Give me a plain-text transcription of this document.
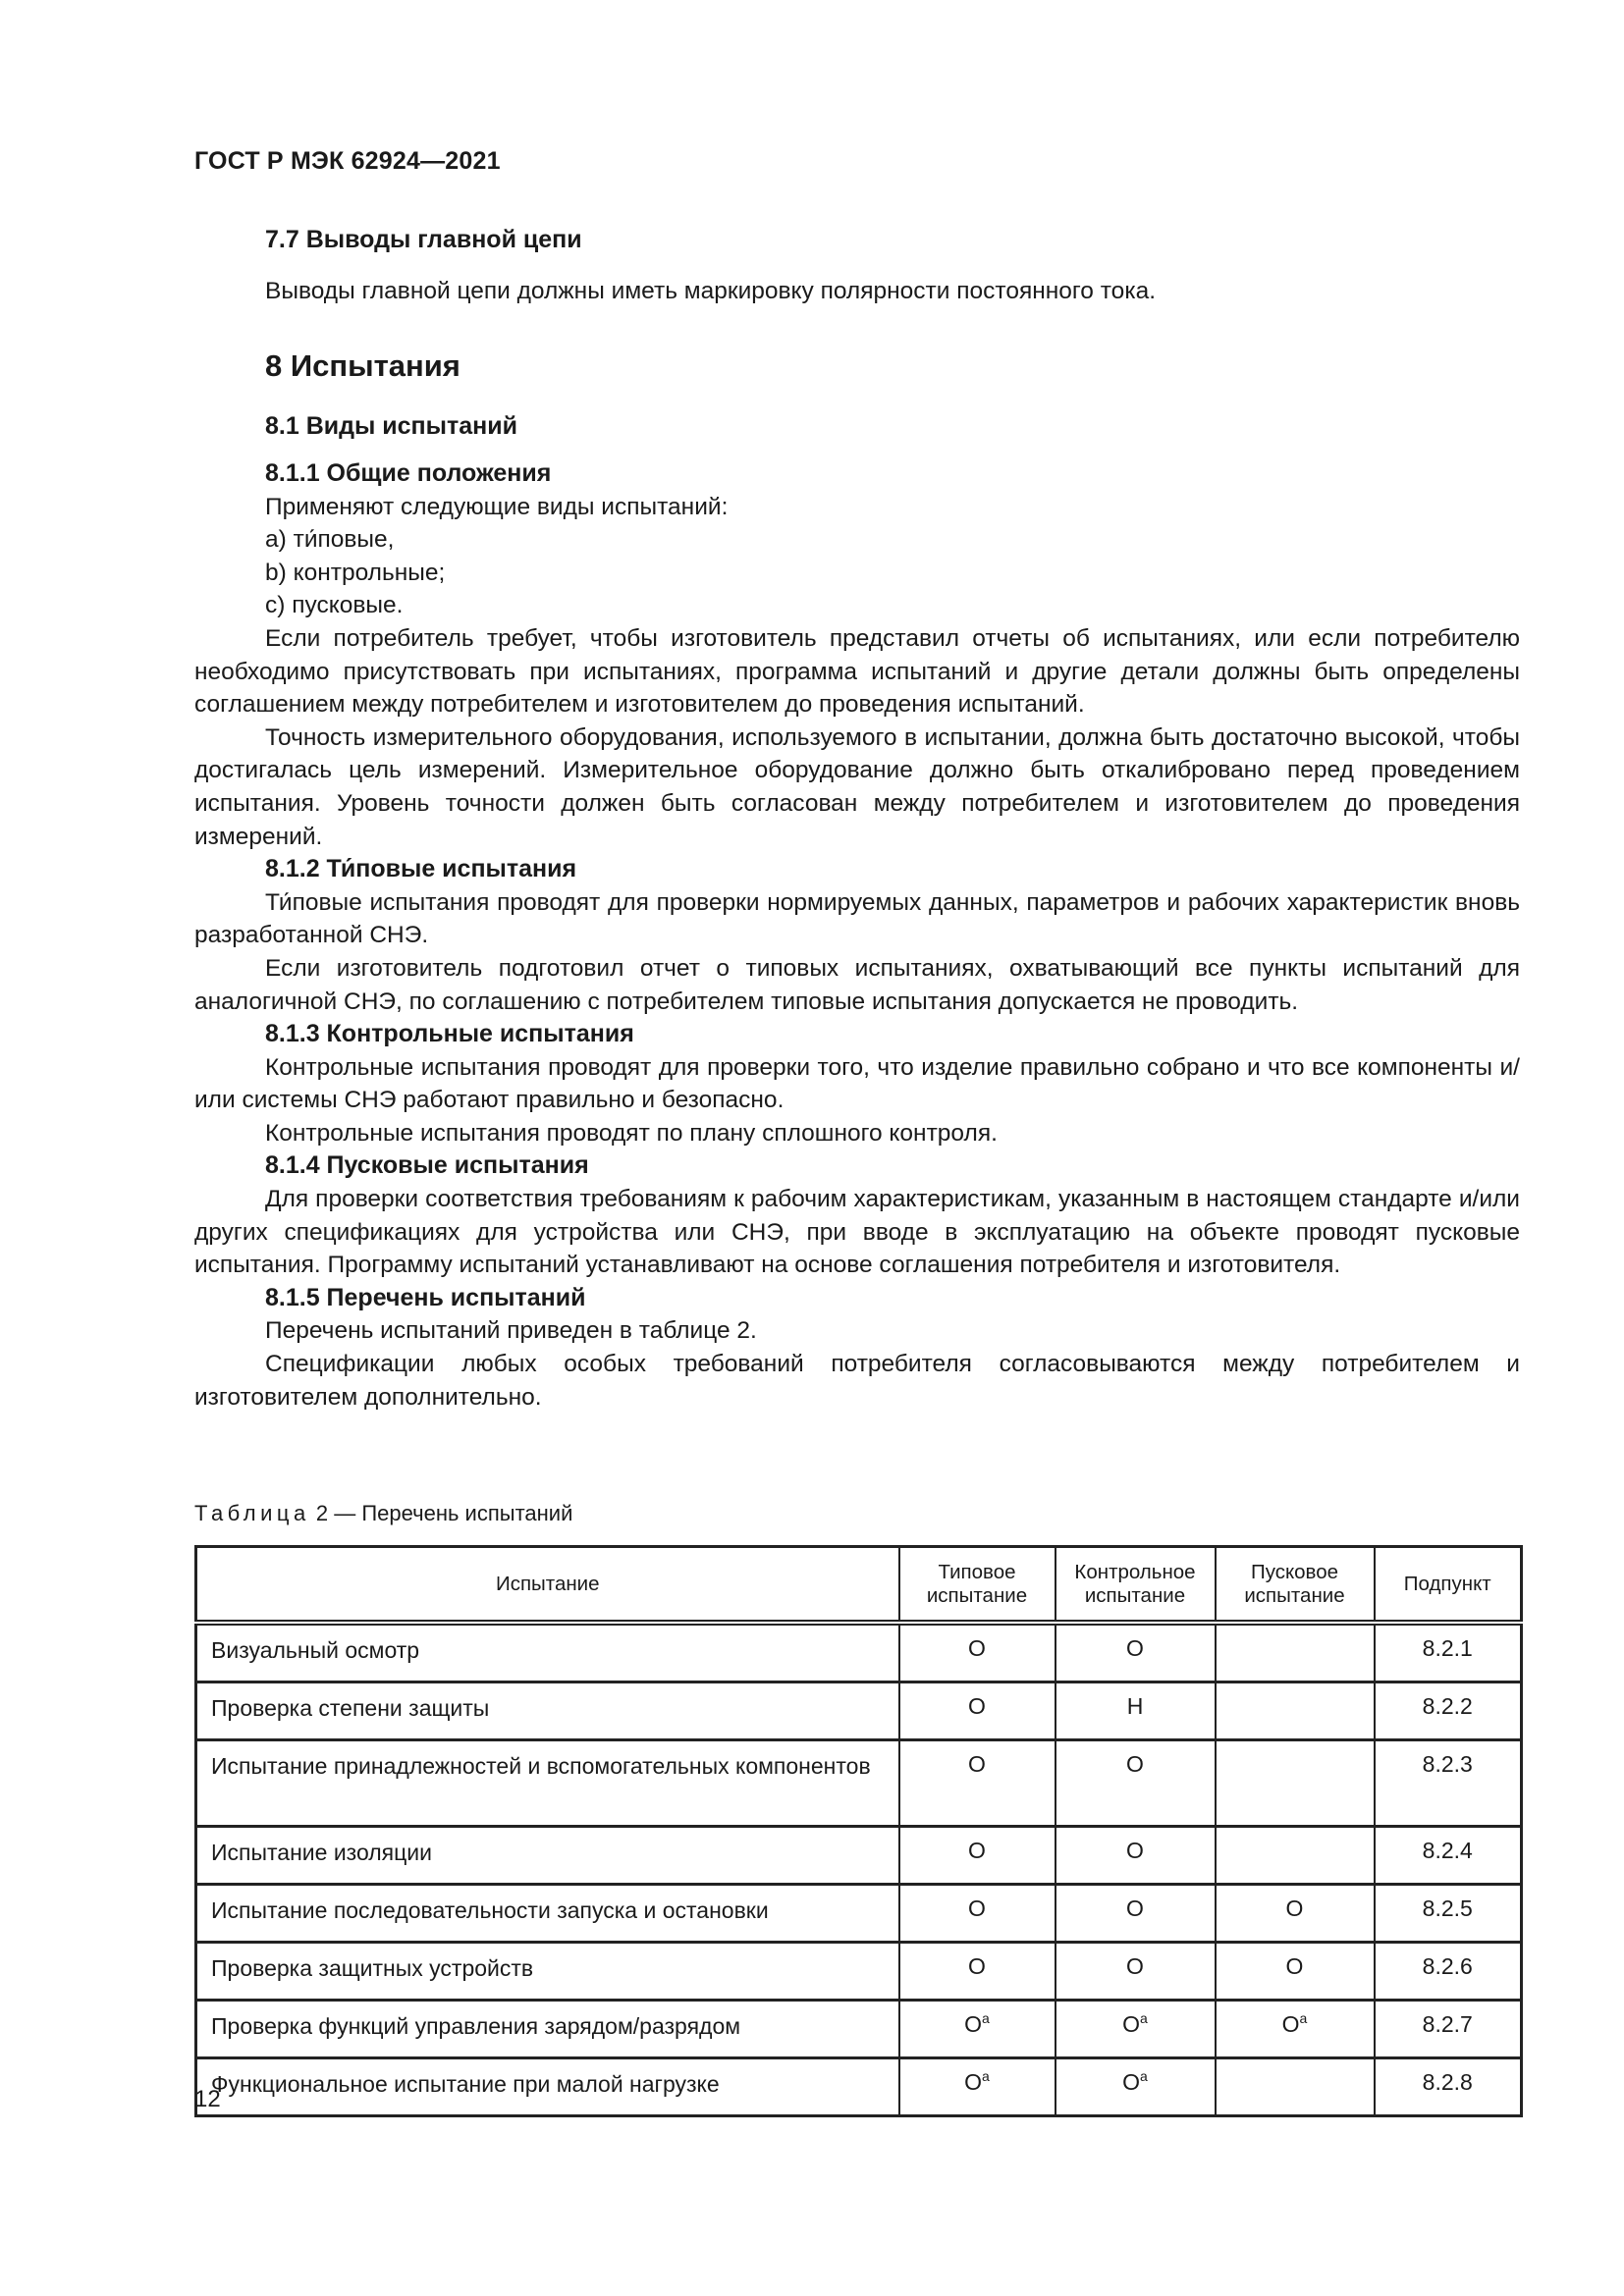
ГОСТ Р МЭК 62924—2021
7.7 Выводы главной цепи
Выводы главной цепи должны иметь маркировку полярности постоянного тока.
8 Испытания
8.1 Виды испытаний

8.1.1 Общие положения

Применяют следующие виды испытаний:

а) ти́повые,

b) контрольные;

c) пусковые.

Если потребитель требует, чтобы изготовитель представил отчеты об испытаниях, или если потребителю необходимо присутствовать при испытаниях, программа испытаний и другие детали должны быть определены соглашением между потребителем и изготовителем до проведения испытаний.

Точность измерительного оборудования, используемого в испытании, должна быть достаточно высокой, чтобы достигалась цель измерений. Измерительное оборудование должно быть откалибровано перед проведением испытания. Уровень точности должен быть согласован между потребителем и изготовителем до проведения измерений.

8.1.2 Ти́повые испытания

Ти́повые испытания проводят для проверки нормируемых данных, параметров и рабочих характеристик вновь разработанной СНЭ.

Если изготовитель подготовил отчет о типовых испытаниях, охватывающий все пункты испытаний для аналогичной СНЭ, по соглашению с потребителем типовые испытания допускается не проводить.

8.1.3 Контрольные испытания

Контрольные испытания проводят для проверки того, что изделие правильно собрано и что все компоненты и/или системы СНЭ работают правильно и безопасно.

Контрольные испытания проводят по плану сплошного контроля.

8.1.4 Пусковые испытания

Для проверки соответствия требованиям к рабочим характеристикам, указанным в настоящем стандарте и/или других спецификациях для устройства или СНЭ, при вводе в эксплуатацию на объекте проводят пусковые испытания. Программу испытаний устанавливают на основе соглашения потребителя и изготовителя.

8.1.5 Перечень испытаний

Перечень испытаний приведен в таблице 2.

Спецификации любых особых требований потребителя согласовываются между потребителем и изготовителем дополнительно.

Таблица 2 — Перечень испытаний
Испытание	Типовое испытание	Контрольное испытание	Пусковое испытание	Подпункт
Визуальный осмотр	О	О		8.2.1
Проверка степени защиты	О	Н		8.2.2
Испытание принадлежностей и вспомогательных компонентов	О	О		8.2.3
Испытание изоляции	О	О		8.2.4
Испытание последовательности запуска и остановки	О	О	О	8.2.5
Проверка защитных устройств	О	О	О	8.2.6
Проверка функций управления зарядом/разрядом	$О^a$	$О^a$	$О^a$	8.2.7
Функциональное испытание при малой нагрузке	$О^a$	$О^a$		8.2.8
12
